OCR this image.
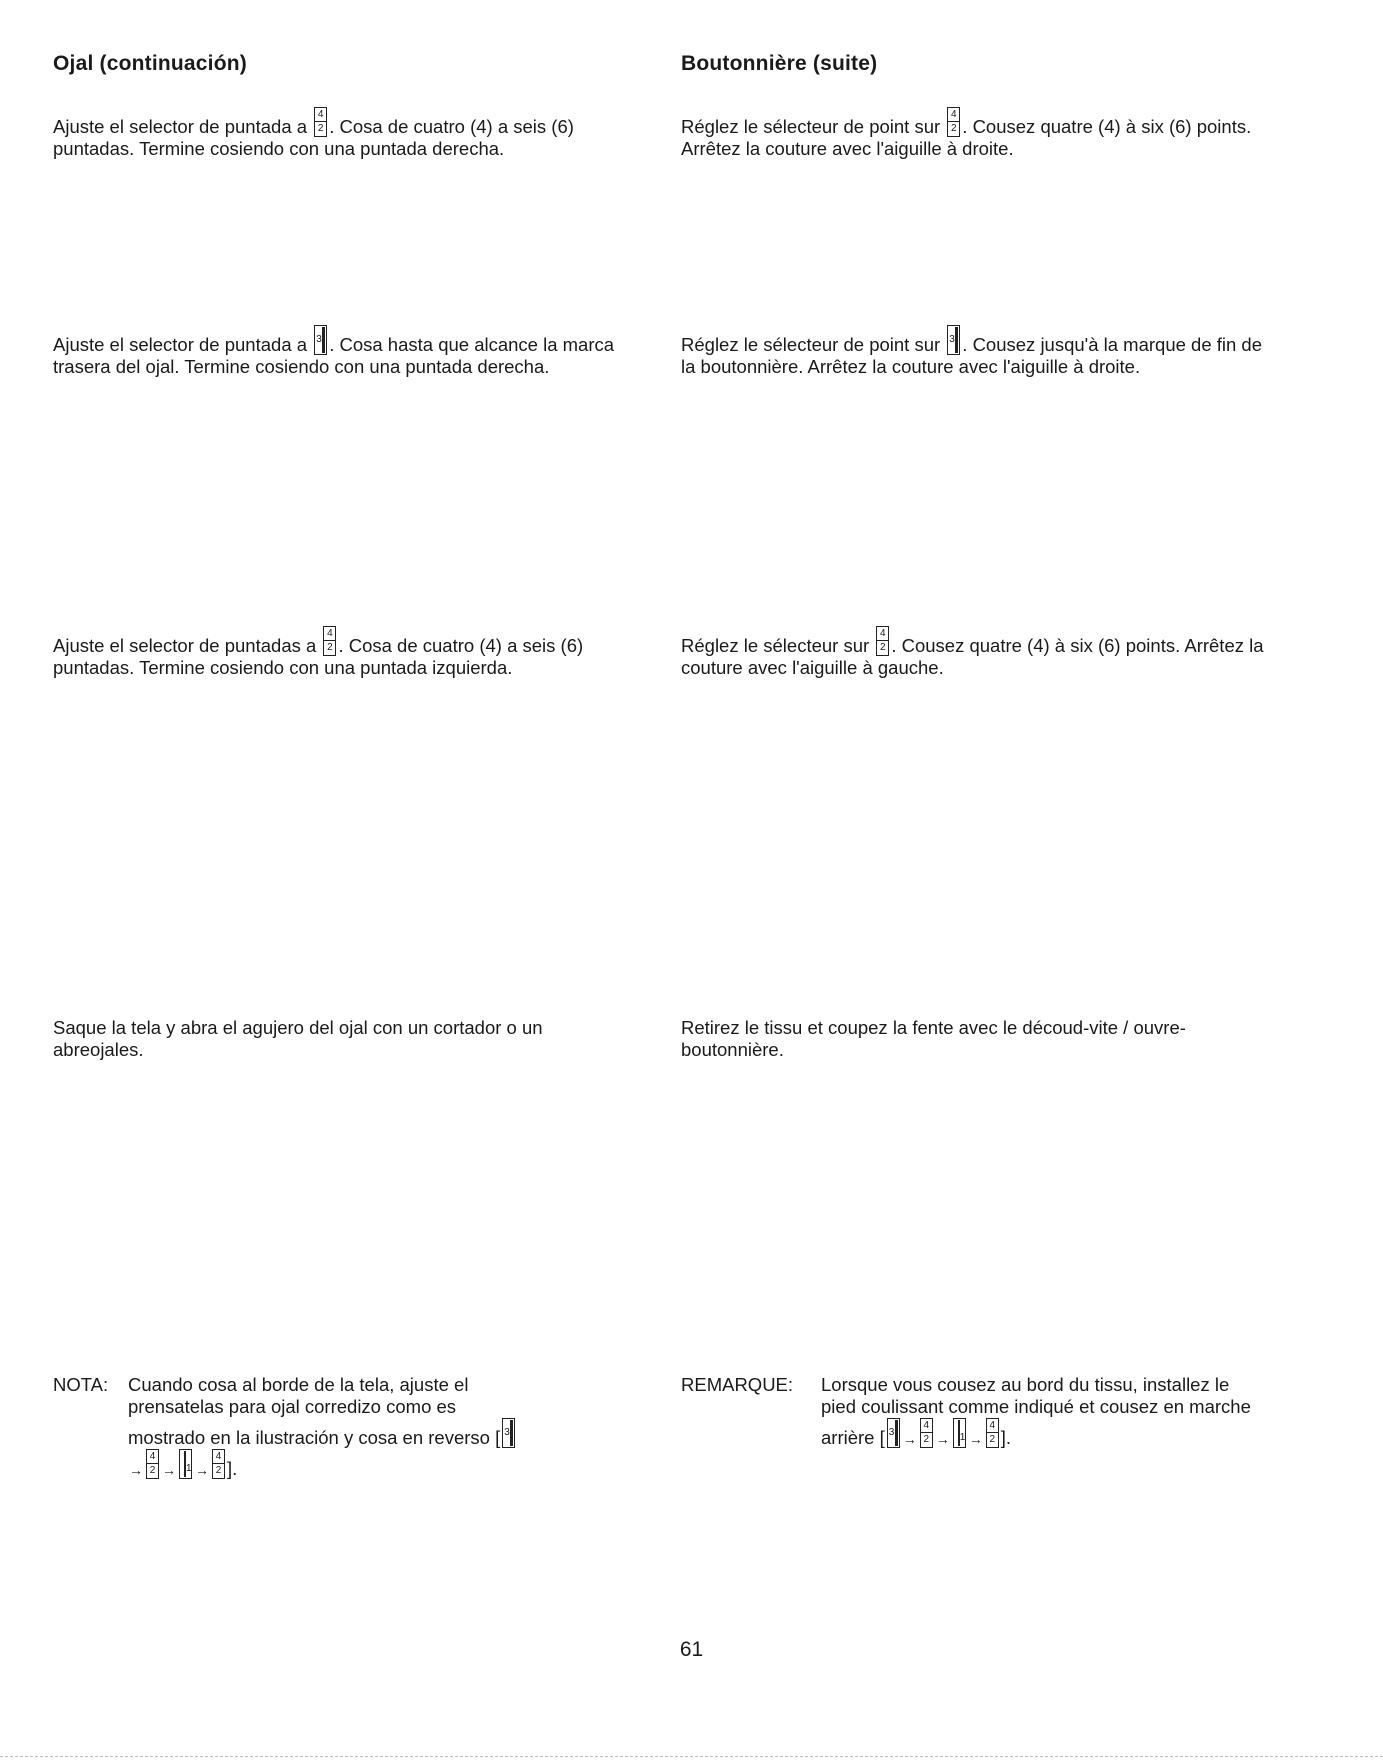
Ojal (continuación)
Ajuste el selector de puntada a $\frac{4}{2}$ . Cosa de cuatro (4) a seis (6) puntadas. Termine cosiendo con una puntada derecha.
Ajuste el selector de puntada a 3 . Cosa hasta que alcance la marca trasera del ojal. Termine cosiendo con una puntada derecha.
Ajuste el selector de puntadas a $\frac{4}{2}$ . Cosa de cuatro (4) a seis (6) puntadas. Termine cosiendo con una puntada izquierda.
Saque la tela y abra el agujero del ojal con un cortador o un abreojales.
NOTA: Cuando cosa al borde de la tela, ajuste el prensatelas para ojal corredizo como es mostrado en la ilustración y cosa en reverso [ 3
→ $\frac{4}{2} \to 1 \to \frac{4}{2}$ ].
Boutonnière (suite)
Réglez le sélecteur de point sur $\frac{4}{2}$ . Cousez quatre (4) à six (6) points. Arrêtez la couture avec l'aiguille à droite.
Réglez le sélecteur de point sur 3 . Cousez jusqu'à la marque de fin de la boutonnière. Arrêtez la couture avec l'aiguille à droite.
Réglez le sélecteur sur $\frac{4}{2}$ . Cousez quatre (4) à six (6) points. Arrêtez la couture avec l'aiguille à gauche.
Retirez le tissu et coupez la fente avec le découd-vite / ouvre-boutonnière.
REMARQUE: Lorsque vous cousez au bord du tissu, installez le pied coulissant comme indiqué et cousez en marche arrière [ $3 \to \frac{4}{2} \to 1 \to \frac{4}{2}$ ].
61
